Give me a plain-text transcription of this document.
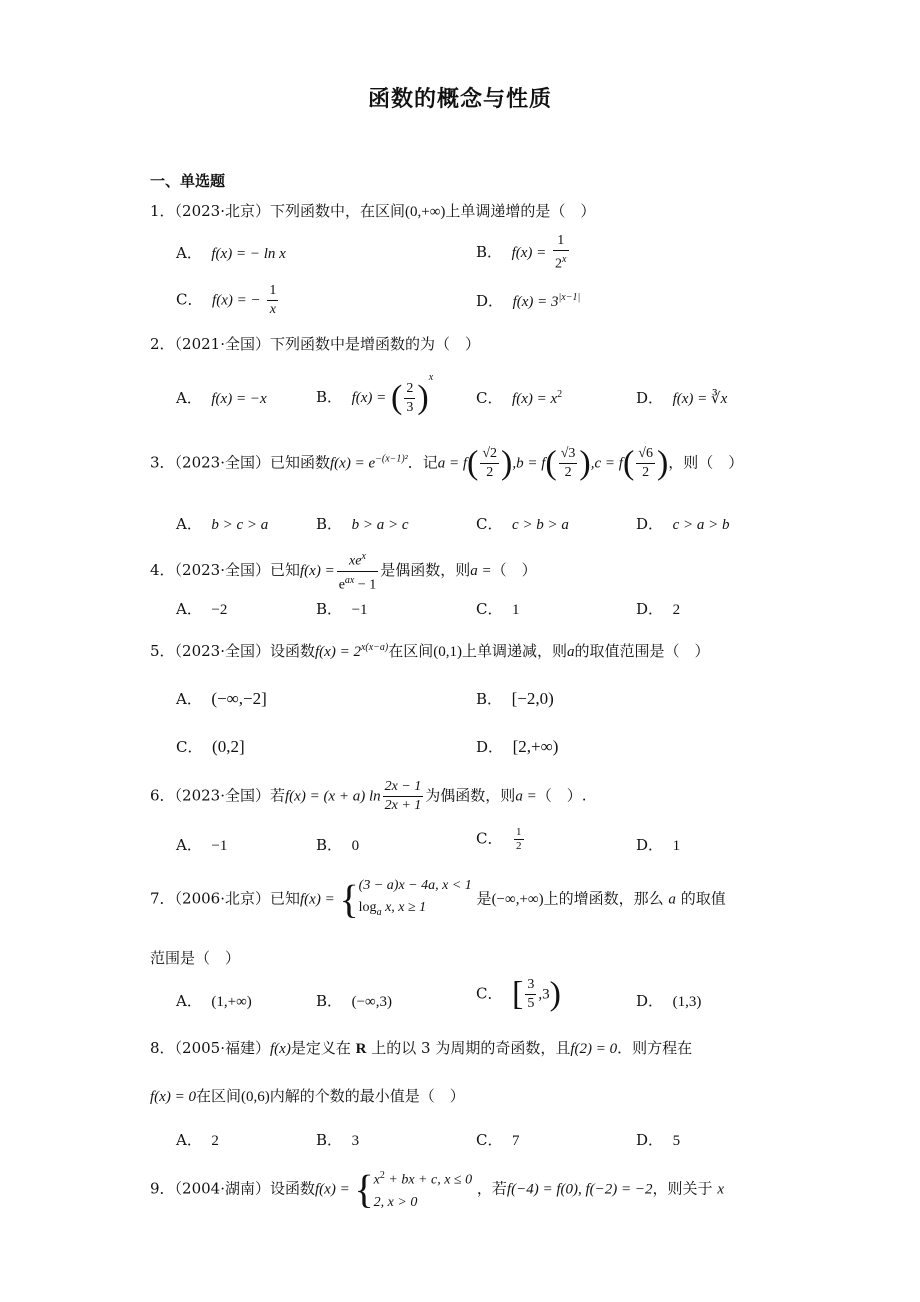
函数的概念与性质
一、单选题
1．（2023·北京）下列函数中，在区间(0,+∞)上单调递增的是（　）
A． f(x) = − ln x	B． $f(x) = \frac{1}{2^x}$
C． f(x) = − $\frac{1}{x}$	D． $f(x) = 3^{|x-1|}$
2．（2021·全国）下列函数中是增函数的为（　）
A． f(x) = −x	B． f(x) = ( $\frac{2}{3} )^x$
C． $f(x) = x^2$	D． f(x) = ∛x
3．（2023·全国）已知函数$f(x) = e^{-(x-1)^2}$．记$a = f( \frac{√2}{2} ),b = f( \frac{√3}{2} ),c = f( \frac{√6}{2}$ )，则（　）
A． b > c > a	B． b > a > c	C． c > b > a	D． c > a > b
4．（2023·全国）已知$f(x) = \frac{xe^x}{e^{ax} - 1}$ 是偶函数，则a =（　）
A． −2	B． −1	C． 1	D． 2
5．（2023·全国）设函数$f(x) = 2^{x(x-a)}$在区间(0,1)上单调递减，则a的取值范围是（　）
A． (−∞,−2]	B． [−2,0)
C． (0,2]	D． [2,+∞)
6．（2023·全国）若f(x) = (x + a) $\ln \frac{2x - 1}{2x + 1}$ 为偶函数，则a =（　）.
A． −1	B． 0	C． $\frac{1}{2}$	D． 1
7．（2006·北京）已知f(x) = { (3 − a)x − 4a, x < 1
$\log_a x$, x ≥ 1
是(−∞,+∞)上的增函数，那么 a 的取值
范围是（　）
A． (1,+∞)	B． (−∞,3)	C． [ $\frac{3}{5} ,3$)	D． (1,3)
8．（2005·福建）f(x)是定义在 R 上的以 3 为周期的奇函数，且f(2) = 0．则方程在
f(x) = 0在区间(0,6)内解的个数的最小值是（　）
A． 2	B． 3	C． 7	D． 5
9．（2004·湖南）设函数f(x) = { $x^2$ + bx + c, x ≤ 0
2, x > 0
，若f(−4) = f(0), f(−2) = −2，则关于 x
